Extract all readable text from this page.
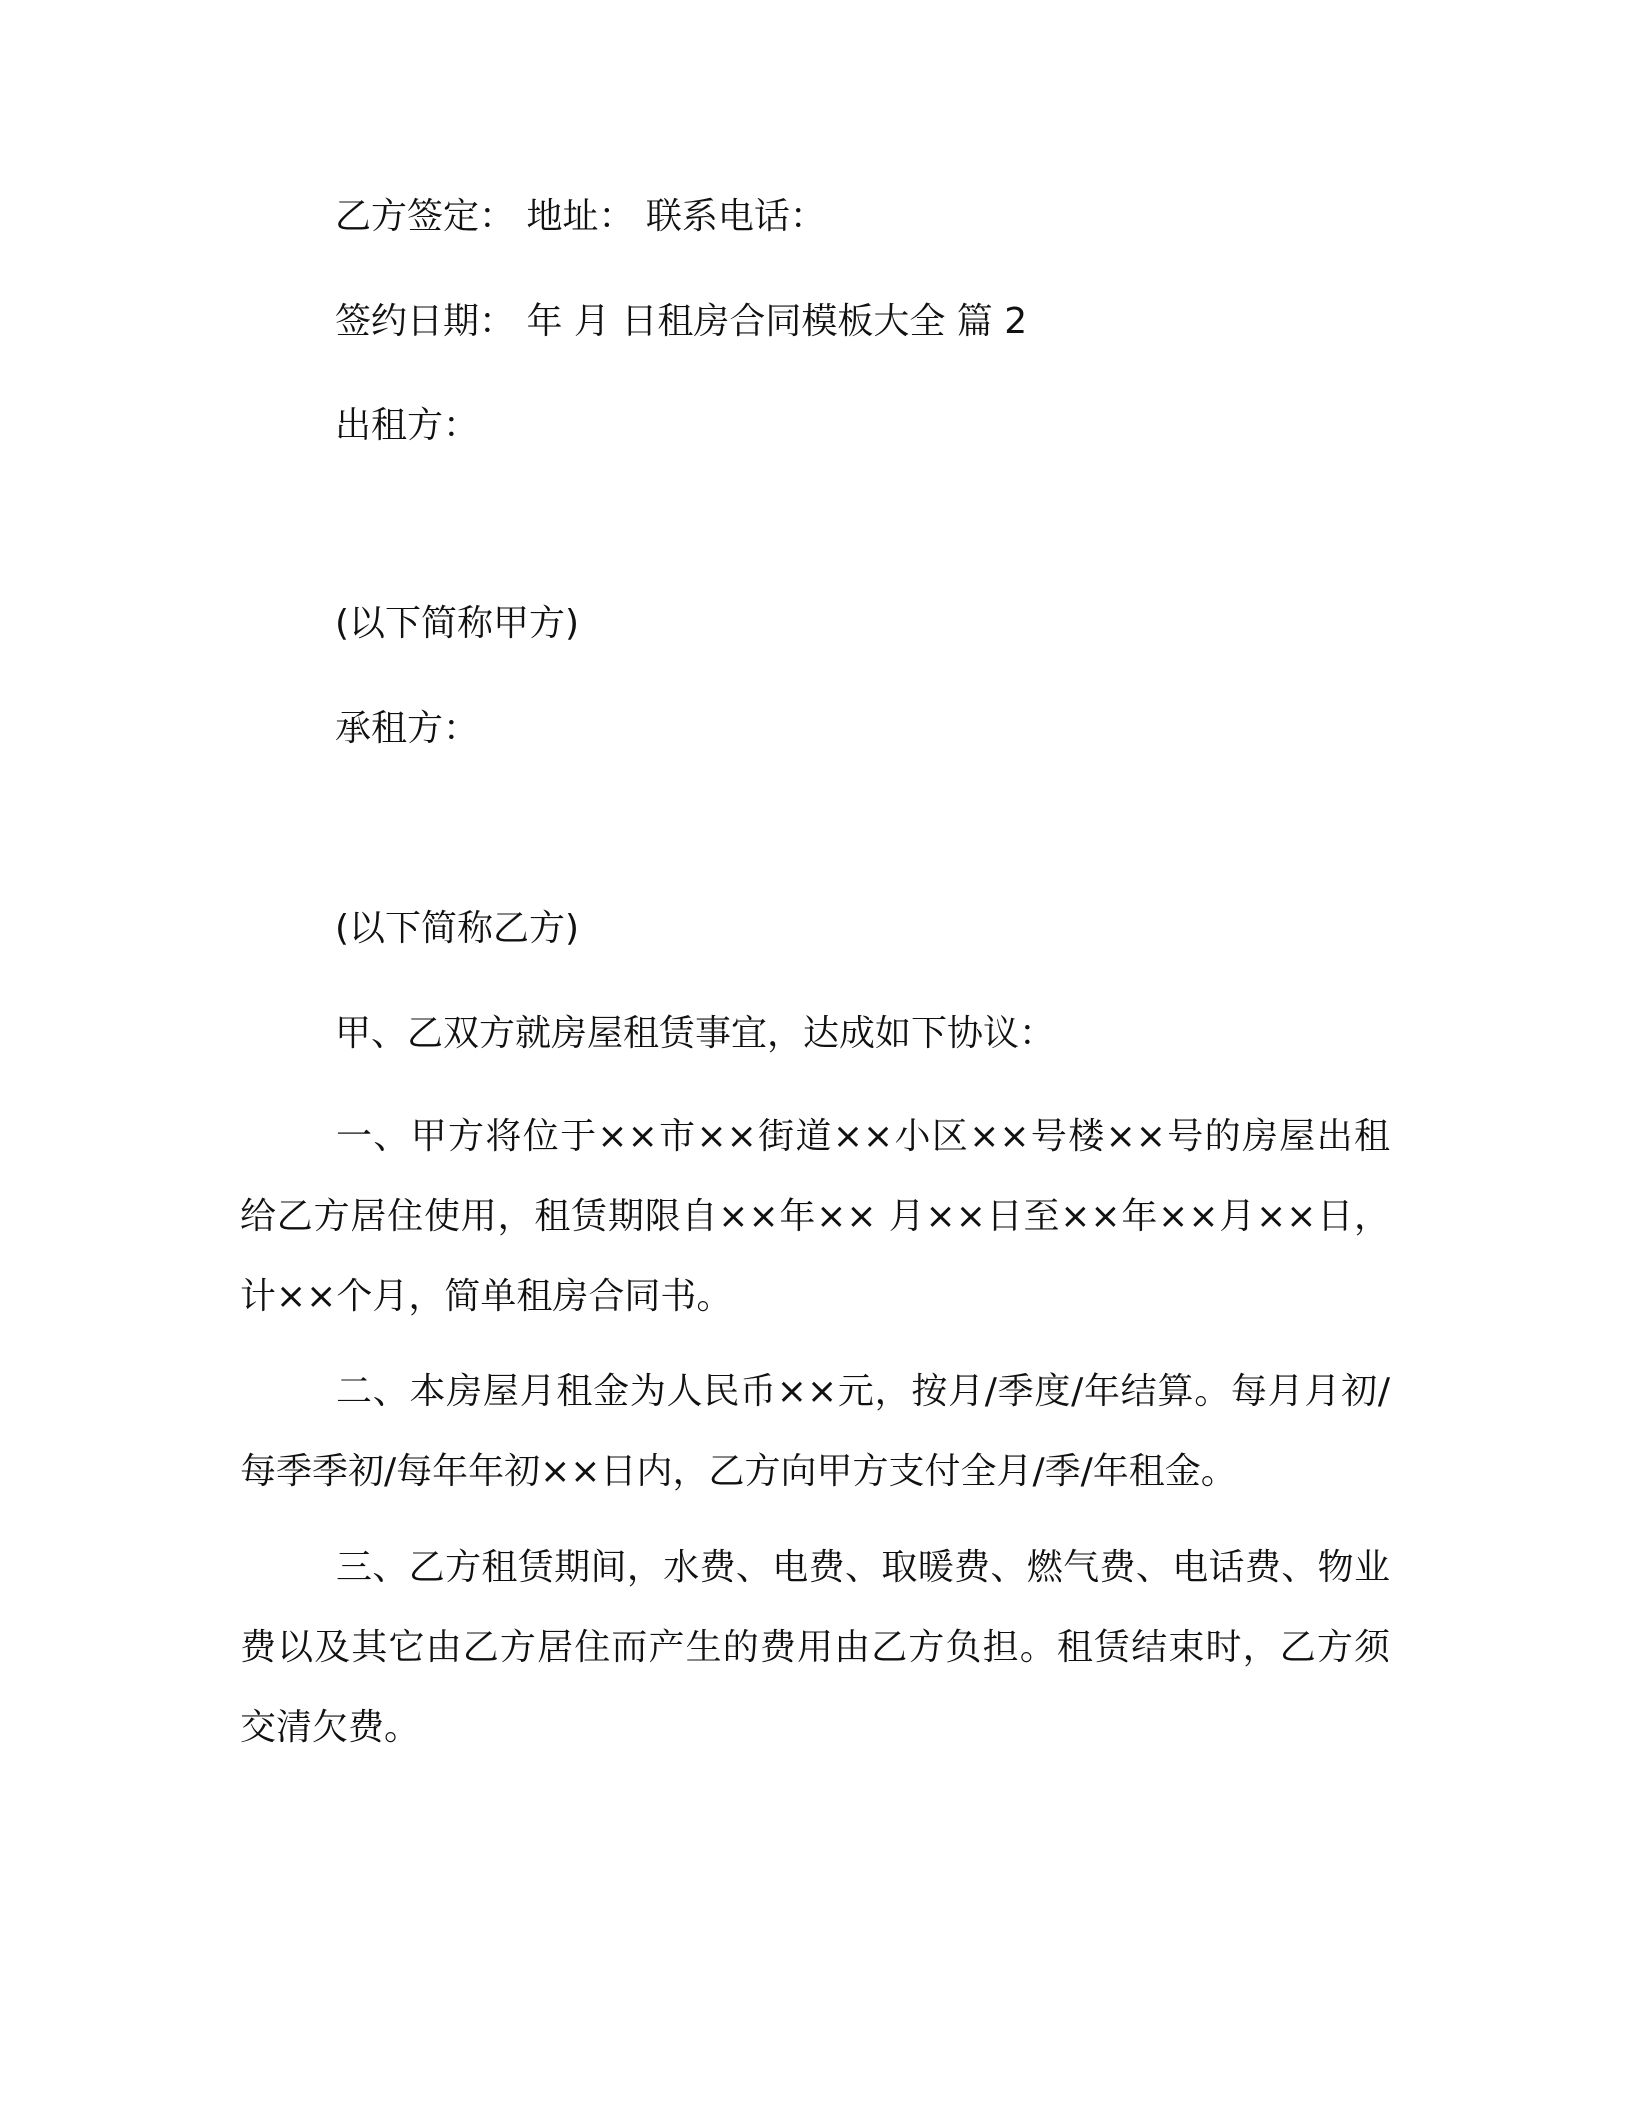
乙方签定： 地址： 联系电话：
签约日期： 年 月 日租房合同模板大全 篇 2
出租方：
(以下简称甲方)
承租方：
(以下简称乙方)
甲、乙双方就房屋租赁事宜，达成如下协议：
一、甲方将位于××市××街道××小区××号楼××号的房屋出租给乙方居住使用，租赁期限自××年×× 月××日至××年××月××日，计××个月，简单租房合同书。
二、本房屋月租金为人民币××元，按月/季度/年结算。每月月初/每季季初/每年年初××日内，乙方向甲方支付全月/季/年租金。
三、乙方租赁期间，水费、电费、取暖费、燃气费、电话费、物业费以及其它由乙方居住而产生的费用由乙方负担。租赁结束时，乙方须交清欠费。
